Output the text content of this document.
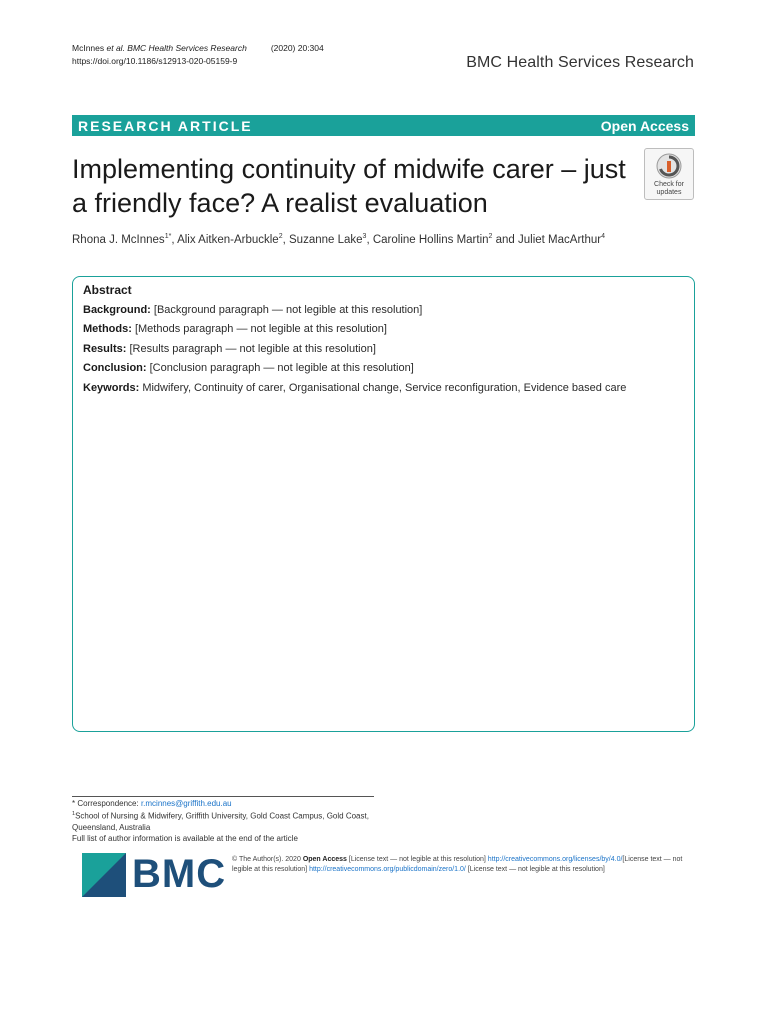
McInnes et al. BMC Health Services Research	(2020) 20:304
https://doi.org/10.1186/s12913-020-05159-9	BMC Health Services Research
RESEARCH ARTICLE	Open Access
Implementing continuity of midwife carer – just a friendly face? A realist evaluation
Check for
updates
Rhona J. McInnes$^{1*}$, Alix Aitken-Arbuckle$^2$, Suzanne Lake$^3$, Caroline Hollins Martin$^2$ and Juliet MacArthur$^4$
Abstract

Background: [Background paragraph — not legible at this resolution]

Methods: [Methods paragraph — not legible at this resolution]

Results: [Results paragraph — not legible at this resolution]

Conclusion: [Conclusion paragraph — not legible at this resolution]

Keywords: Midwifery, Continuity of carer, Organisational change, Service reconfiguration, Evidence based care

* Correspondence: r.mcinnes@griffith.edu.au
$^1$School of Nursing & Midwifery, Griffith University, Gold Coast Campus, Gold Coast, Queensland, Australia
Full list of author information is available at the end of the article
BMC © The Author(s). 2020 Open Access [License text — not legible at this resolution] http://creativecommons.org/licenses/by/4.0/[License text — not legible at this resolution] http://creativecommons.org/publicdomain/zero/1.0/ [License text — not legible at this resolution]
